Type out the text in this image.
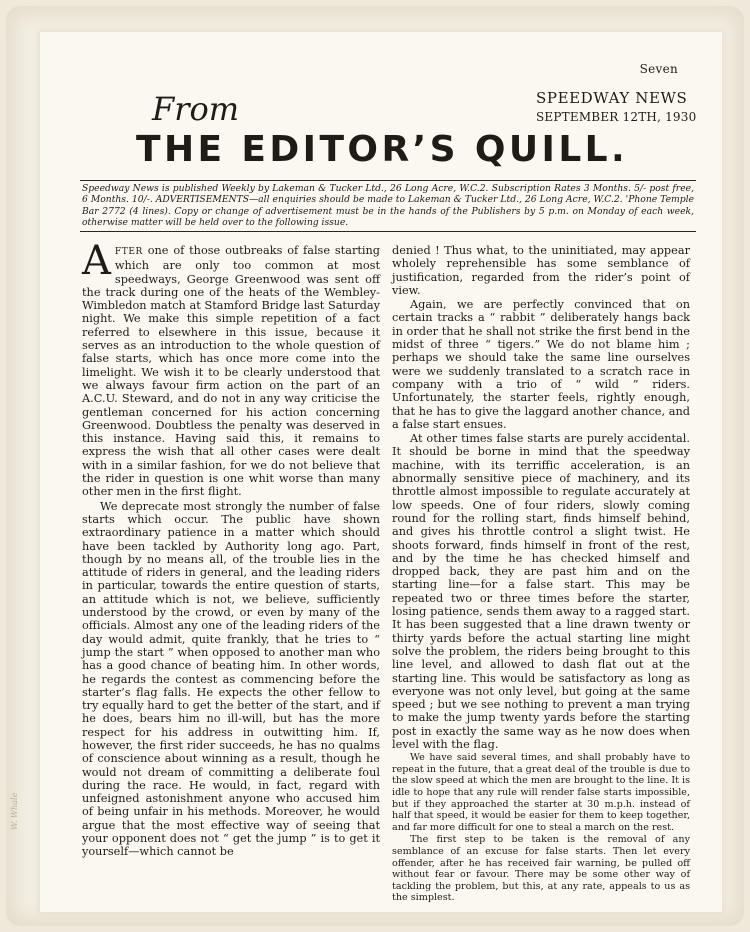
Seven
From
THE EDITOR’S QUILL.
SPEEDWAY NEWS
SEPTEMBER 12TH, 1930

Speedway News is published Weekly by Lakeman & Tucker Ltd., 26 Long Acre, W.C.2. Subscription Rates 3 Months. 5/- post free, 6 Months. 10/-. ADVERTISEMENTS—all enquiries should be made to Lakeman & Tucker Ltd., 26 Long Acre, W.C.2. 'Phone Temple Bar 2772 (4 lines). Copy or change of advertisement must be in the hands of the Publishers by 5 p.m. on Monday of each week, otherwise matter will be held over to the following issue.

AFTER one of those outbreaks of false starting which are only too common at most speedways, George Greenwood was sent off the track during one of the heats of the Wembley-Wimbledon match at Stamford Bridge last Saturday night. We make this simple repetition of a fact referred to elsewhere in this issue, because it serves as an introduction to the whole question of false starts, which has once more come into the limelight. We wish it to be clearly understood that we always favour firm action on the part of an A.C.U. Steward, and do not in any way criticise the gentleman concerned for his action concerning Greenwood. Doubtless the penalty was deserved in this instance. Having said this, it remains to express the wish that all other cases were dealt with in a similar fashion, for we do not believe that the rider in question is one whit worse than many other men in the first flight.

We deprecate most strongly the number of false starts which occur. The public have shown extraordinary patience in a matter which should have been tackled by Authority long ago. Part, though by no means all, of the trouble lies in the attitude of riders in general, and the leading riders in particular, towards the entire question of starts, an attitude which is not, we believe, sufficiently understood by the crowd, or even by many of the officials. Almost any one of the leading riders of the day would admit, quite frankly, that he tries to “ jump the start ” when opposed to another man who has a good chance of beating him. In other words, he regards the contest as commencing before the starter’s flag falls. He expects the other fellow to try equally hard to get the better of the start, and if he does, bears him no ill-will, but has the more respect for his address in outwitting him. If, however, the first rider succeeds, he has no qualms of conscience about winning as a result, though he would not dream of committing a deliberate foul during the race. He would, in fact, regard with unfeigned astonishment anyone who accused him of being unfair in his methods. Moreover, he would argue that the most effective way of seeing that your opponent does not “ get the jump ” is to get it yourself—which cannot be

denied ! Thus what, to the uninitiated, may appear wholely reprehensible has some semblance of justification, regarded from the rider’s point of view.

Again, we are perfectly convinced that on certain tracks a “ rabbit ” deliberately hangs back in order that he shall not strike the first bend in the midst of three “ tigers.” We do not blame him ; perhaps we should take the same line ourselves were we suddenly translated to a scratch race in company with a trio of “ wild ” riders. Unfortunately, the starter feels, rightly enough, that he has to give the laggard another chance, and a false start ensues.

At other times false starts are purely accidental. It should be borne in mind that the speedway machine, with its terriffic acceleration, is an abnormally sensitive piece of machinery, and its throttle almost impossible to regulate accurately at low speeds. One of four riders, slowly coming round for the rolling start, finds himself behind, and gives his throttle control a slight twist. He shoots forward, finds himself in front of the rest, and by the time he has checked himself and dropped back, they are past him and on the starting line—for a false start. This may be repeated two or three times before the starter, losing patience, sends them away to a ragged start. It has been suggested that a line drawn twenty or thirty yards before the actual starting line might solve the problem, the riders being brought to this line level, and allowed to dash flat out at the starting line. This would be satisfactory as long as everyone was not only level, but going at the same speed ; but we see nothing to prevent a man trying to make the jump twenty yards before the starting post in exactly the same way as he now does when level with the flag.

We have said several times, and shall probably have to repeat in the future, that a great deal of the trouble is due to the slow speed at which the men are brought to the line. It is idle to hope that any rule will render false starts impossible, but if they approached the starter at 30 m.p.h. instead of half that speed, it would be easier for them to keep together, and far more difficult for one to steal a march on the rest.

The first step to be taken is the removal of any semblance of an excuse for false starts. Then let every offender, after he has received fair warning, be pulled off without fear or favour. There may be some other way of tackling the problem, but this, at any rate, appeals to us as the simplest.

W. Whale
